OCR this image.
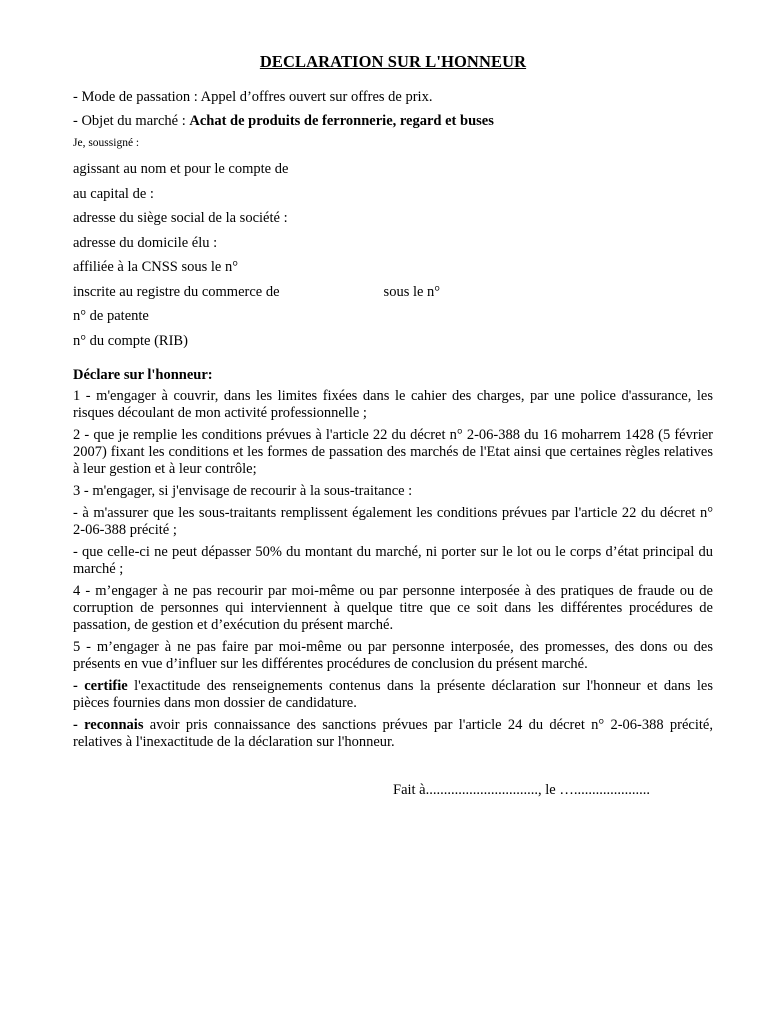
DECLARATION SUR L'HONNEUR
- Mode de passation : Appel d’offres ouvert sur offres de prix.
- Objet du marché : Achat de produits de ferronnerie, regard et buses
Je, soussigné :
agissant au nom et pour le compte de
au capital de :
adresse du siège social de la société :
adresse du domicile élu :
affiliée à la CNSS sous le n°
inscrite au registre du commerce de	sous le n°
n° de patente
n° du compte (RIB)
Déclare sur l'honneur:

1 - m'engager à couvrir, dans les limites fixées dans le cahier des charges, par une police d'assurance, les risques découlant de mon activité professionnelle ;

2 - que je remplie les conditions prévues à l'article 22 du décret n° 2-06-388 du 16 moharrem 1428 (5 février 2007) fixant les conditions et les formes de passation des marchés de l'Etat ainsi que certaines règles relatives à leur gestion et à leur contrôle;

3 - m'engager, si j'envisage de recourir à la sous-traitance :

- à m'assurer que les sous-traitants remplissent également les conditions prévues par l'article 22 du décret n° 2-06-388 précité ;

- que celle-ci ne peut dépasser 50% du montant du marché, ni porter sur le lot ou le corps d’état principal du marché ;

4 - m’engager à ne pas recourir par moi-même ou par personne interposée à des pratiques de fraude ou de corruption de personnes qui interviennent à quelque titre que ce soit dans les différentes procédures de passation, de gestion et d’exécution du présent marché.

5 - m’engager à ne pas faire par moi-même ou par personne interposée, des promesses, des dons ou des présents en vue d’influer sur les différentes procédures de conclusion du présent marché.

- certifie l'exactitude des renseignements contenus dans la présente déclaration sur l'honneur et dans les pièces fournies dans mon dossier de candidature.

- reconnais avoir pris connaissance des sanctions prévues par l'article 24 du décret n° 2-06-388 précité, relatives à l'inexactitude de la déclaration sur l'honneur.

Fait à..............................., le ….....................
